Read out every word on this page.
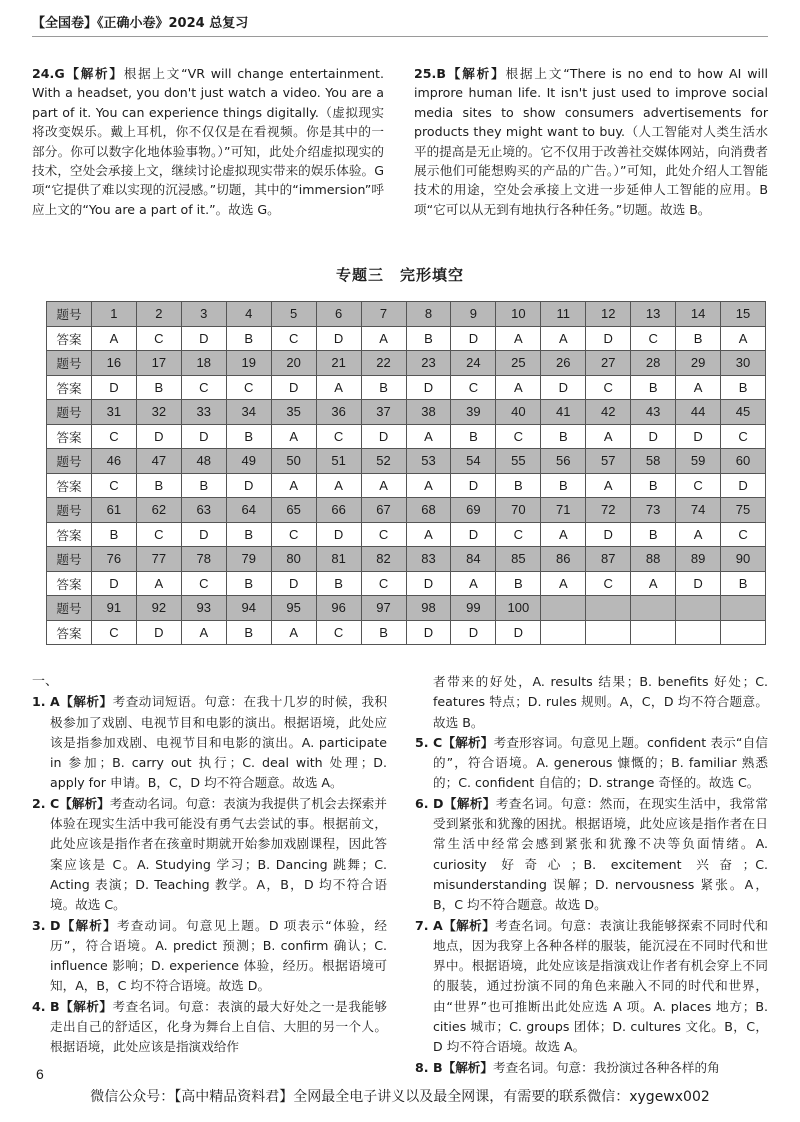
【全国卷】《正确小卷》2024 总复习
24.G【解析】根据上文“VR will change entertainment. With a headset, you don't just watch a video. You are a part of it. You can experience things digitally.（虚拟现实将改变娱乐。戴上耳机，你不仅仅是在看视频。你是其中的一部分。你可以数字化地体验事物。）”可知，此处介绍虚拟现实的技术，空处会承接上文，继续讨论虚拟现实带来的娱乐体验。G 项“它提供了难以实现的沉浸感。”切题，其中的“immersion”呼应上文的“You are a part of it.”。故选 G。
25.B【解析】根据上文“There is no end to how AI will improre human life. It isn't just used to improve social media sites to show consumers advertisements for products they might want to buy.（人工智能对人类生活水平的提高是无止境的。它不仅用于改善社交媒体网站，向消费者展示他们可能想购买的产品的广告。）”可知，此处介绍人工智能技术的用途，空处会承接上文进一步延伸人工智能的应用。B 项“它可以从无到有地执行各种任务。”切题。故选 B。
专题三　完形填空
题号	1	2	3	4	5	6	7	8	9	10	11	12	13	14	15
答案	A	C	D	B	C	D	A	B	D	A	A	D	C	B	A
题号	16	17	18	19	20	21	22	23	24	25	26	27	28	29	30
答案	D	B	C	C	D	A	B	D	C	A	D	C	B	A	B
题号	31	32	33	34	35	36	37	38	39	40	41	42	43	44	45
答案	C	D	D	B	A	C	D	A	B	C	B	A	D	D	C
题号	46	47	48	49	50	51	52	53	54	55	56	57	58	59	60
答案	C	B	B	D	A	A	A	A	D	B	B	A	B	C	D
题号	61	62	63	64	65	66	67	68	69	70	71	72	73	74	75
答案	B	C	D	B	C	D	C	A	D	C	A	D	B	A	C
题号	76	77	78	79	80	81	82	83	84	85	86	87	88	89	90
答案	D	A	C	B	D	B	C	D	A	B	A	C	A	D	B
题号	91	92	93	94	95	96	97	98	99	100					
答案	C	D	A	B	A	C	B	D	D	D					
一、
1. A【解析】考查动词短语。句意：在我十几岁的时候，我积极参加了戏剧、电视节目和电影的演出。根据语境，此处应该是指参加戏剧、电视节目和电影的演出。A. participate in 参加；B. carry out 执行；C. deal with 处理；D. apply for 申请。B，C，D 均不符合题意。故选 A。
2. C【解析】考查动名词。句意：表演为我提供了机会去探索并体验在现实生活中我可能没有勇气去尝试的事。根据前文，此处应该是指作者在孩童时期就开始参加戏剧课程，因此答案应该是 C。A. Studying 学习；B. Dancing 跳舞；C. Acting 表演；D. Teaching 教学。A，B，D 均不符合语境。故选 C。
3. D【解析】考查动词。句意见上题。D 项表示“体验，经历”，符合语境。A. predict 预测；B. confirm 确认；C. influence 影响；D. experience 体验，经历。根据语境可知，A，B，C 均不符合语境。故选 D。
4. B【解析】考查名词。句意：表演的最大好处之一是我能够走出自己的舒适区，化身为舞台上自信、大胆的另一个人。根据语境，此处应该是指演戏给作
者带来的好处，A. results 结果；B. benefits 好处；C. features 特点；D. rules 规则。A，C，D 均不符合题意。故选 B。
5. C【解析】考查形容词。句意见上题。confident 表示“自信的”，符合语境。A. generous 慷慨的；B. familiar 熟悉的；C. confident 自信的；D. strange 奇怪的。故选 C。
6. D【解析】考查名词。句意：然而，在现实生活中，我常常受到紧张和犹豫的困扰。根据语境，此处应该是指作者在日常生活中经常会感到紧张和犹豫不决等负面情绪。A. curiosity 好奇心；B. excitement 兴奋；C. misunderstanding 误解；D. nervousness 紧张。A，B，C 均不符合题意。故选 D。
7. A【解析】考查名词。句意：表演让我能够探索不同时代和地点，因为我穿上各种各样的服装，能沉浸在不同时代和世界中。根据语境，此处应该是指演戏让作者有机会穿上不同的服装，通过扮演不同的角色来融入不同的时代和世界，由“世界”也可推断出此处应选 A 项。A. places 地方；B. cities 城市；C. groups 团体；D. cultures 文化。B，C，D 均不符合语境。故选 A。
8. B【解析】考查名词。句意：我扮演过各种各样的角
6
微信公众号：【高中精品资料君】全网最全电子讲义以及最全网课，有需要的联系微信：xygewx002
